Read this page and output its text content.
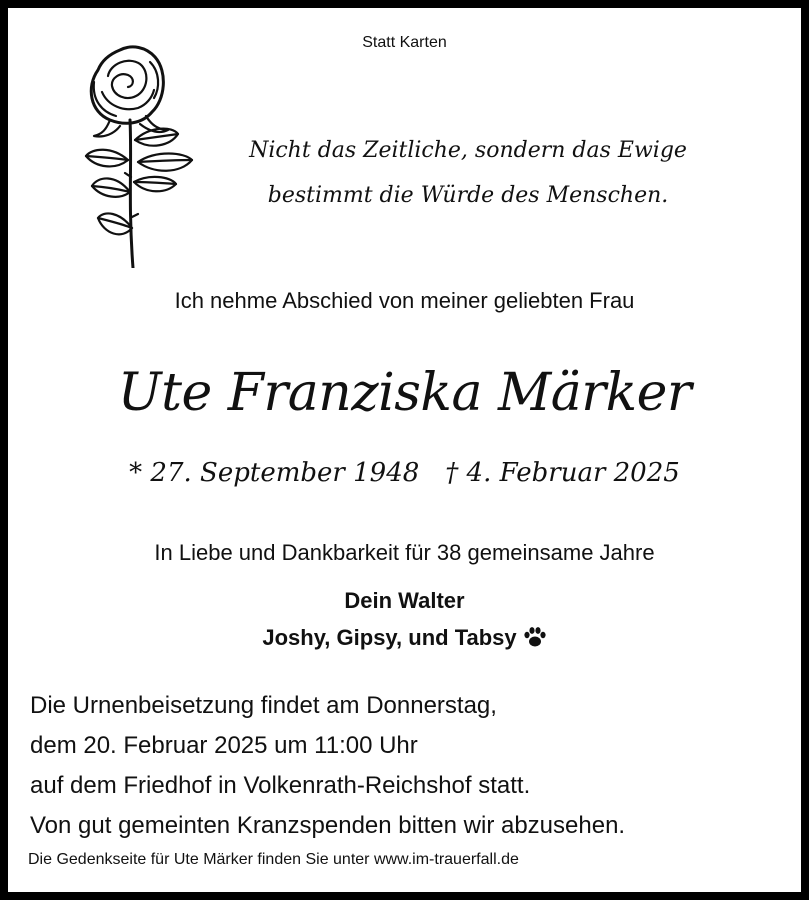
Statt Karten
Nicht das Zeitliche, sondern das Ewige
bestimmt die Würde des Menschen.
Ich nehme Abschied von meiner geliebten Frau
Ute Franziska Märker
* 27. September 1948 † 4. Februar 2025
In Liebe und Dankbarkeit für 38 gemeinsame Jahre
Dein Walter
Joshy, Gipsy, und Tabsy
Die Urnenbeisetzung findet am Donnerstag,
dem 20. Februar 2025 um 11:00 Uhr
auf dem Friedhof in Volkenrath-Reichshof statt.
Von gut gemeinten Kranzspenden bitten wir abzusehen.
Die Gedenkseite für Ute Märker finden Sie unter www.im-trauerfall.de
